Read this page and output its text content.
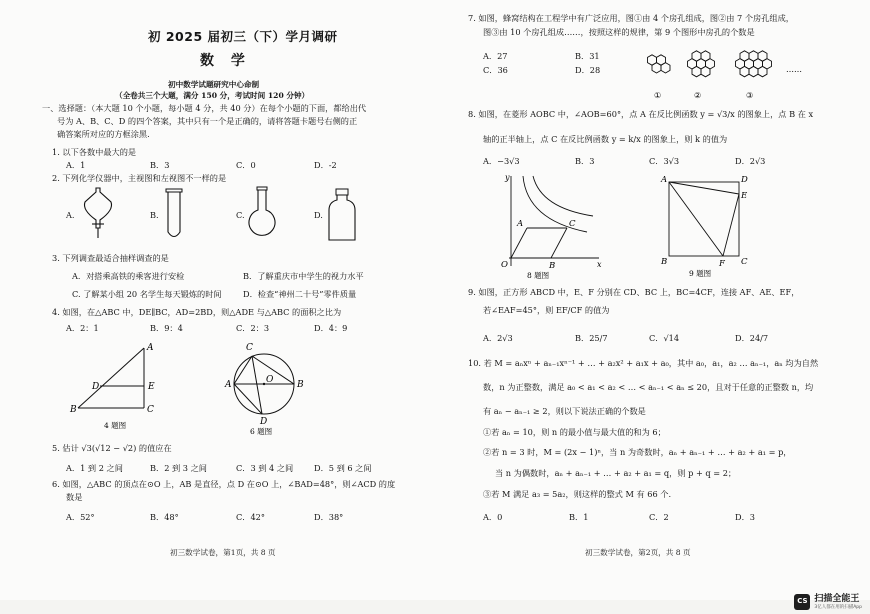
初 2025 届初三（下）学月调研
数 学
初中数学试题研究中心命制
（全卷共三个大题，满分 150 分，考试时间 120 分钟）
一、选择题：（本大题 10 个小题，每小题 4 分，共 40 分）在每个小题的下面，都给出代
号为 A、B、C、D 的四个答案，其中只有一个是正确的，请将答题卡题号右侧的正
确答案所对应的方框涂黑.
1. 以下各数中最大的是
A．1	B．3	C．0	D．-2
2. 下列化学仪器中，主视图和左视图不一样的是
A.	B.	C.	D.
3. 下列调查最适合抽样调查的是
A．对搭乘高铁的乘客进行安检	B．了解重庆市中学生的视力水平
C. 了解某小组 20 名学生每天锻炼的时间	D．检查“神州二十号”零件质量
4. 如图，在△ABC 中，DE∥BC，AD=2BD，则△ADE 与△ABC 的面积之比为
A．2：1	B．9：4	C．2：3	D．4：9
A
D	E
B	C
4 题图
C
A	O	B
D
6 题图
5. 估计 √3(√12 − √2) 的值应在
A．1 到 2 之间	B．2 到 3 之间	C．3 到 4 之间	D．5 到 6 之间
6. 如图，△ABC 的顶点在⊙O 上，AB 是直径，点 D 在⊙O 上，∠BAD=48°，则∠ACD 的度
数是
A．52°	B．48°	C．42°	D．38°
初三数学试卷，第1页，共 8 页
7. 如图，蜂窝结构在工程学中有广泛应用，图①由 4 个房孔组成，图②由 7 个房孔组成，
图③由 10 个房孔组成……，按照这样的规律，第 9 个图形中房孔的个数是
A．27	B．31
C．36	D．28
①	②	③
……
8. 如图，在菱形 AOBC 中，∠AOB=60°，点 A 在反比例函数 y = √3/x 的图象上，点 B 在 x
轴的正半轴上，点 C 在反比例函数 y = k/x 的图象上，则 k 的值为
A．−3√3	B．3	C．3√3	D．2√3
y
A	C
O	B	x
8 题图
A	D
E
B	F C
9 题图
9. 如图，正方形 ABCD 中，E、F 分别在 CD、BC 上，BC=4CF，连接 AF、AE、EF，
若∠EAF=45°，则 EF/CF 的值为
A．2√3	B．25/7	C．√14	D．24/7
10. 若 M = aₙxⁿ + aₙ₋₁xⁿ⁻¹ + … + a₂x² + a₁x + a₀，其中 a₀，a₁，a₂ … aₙ₋₁，aₙ 均为自然
数，n 为正整数，满足 a₀ < a₁ < a₂ < … < aₙ₋₁ < aₙ ≤ 20，且对于任意的正整数 n，均
有 aₙ − aₙ₋₁ ≥ 2，则以下说法正确的个数是
①若 aₙ = 10，则 n 的最小值与最大值的和为 6；
②若 n = 3 时，M = (2x − 1)ⁿ，当 n 为奇数时，aₙ + aₙ₋₁ + … + a₂ + a₁ = p，
当 n 为偶数时，aₙ + aₙ₋₁ + … + a₂ + a₁ = q，则 p + q = 2；
③若 M 满足 a₃ = 5a₂，则这样的整式 M 有 66 个.
A．0	B．1	C．2	D．3
初三数学试卷，第2页，共 8 页
CS 扫描全能王
3亿人都在用的扫描App
